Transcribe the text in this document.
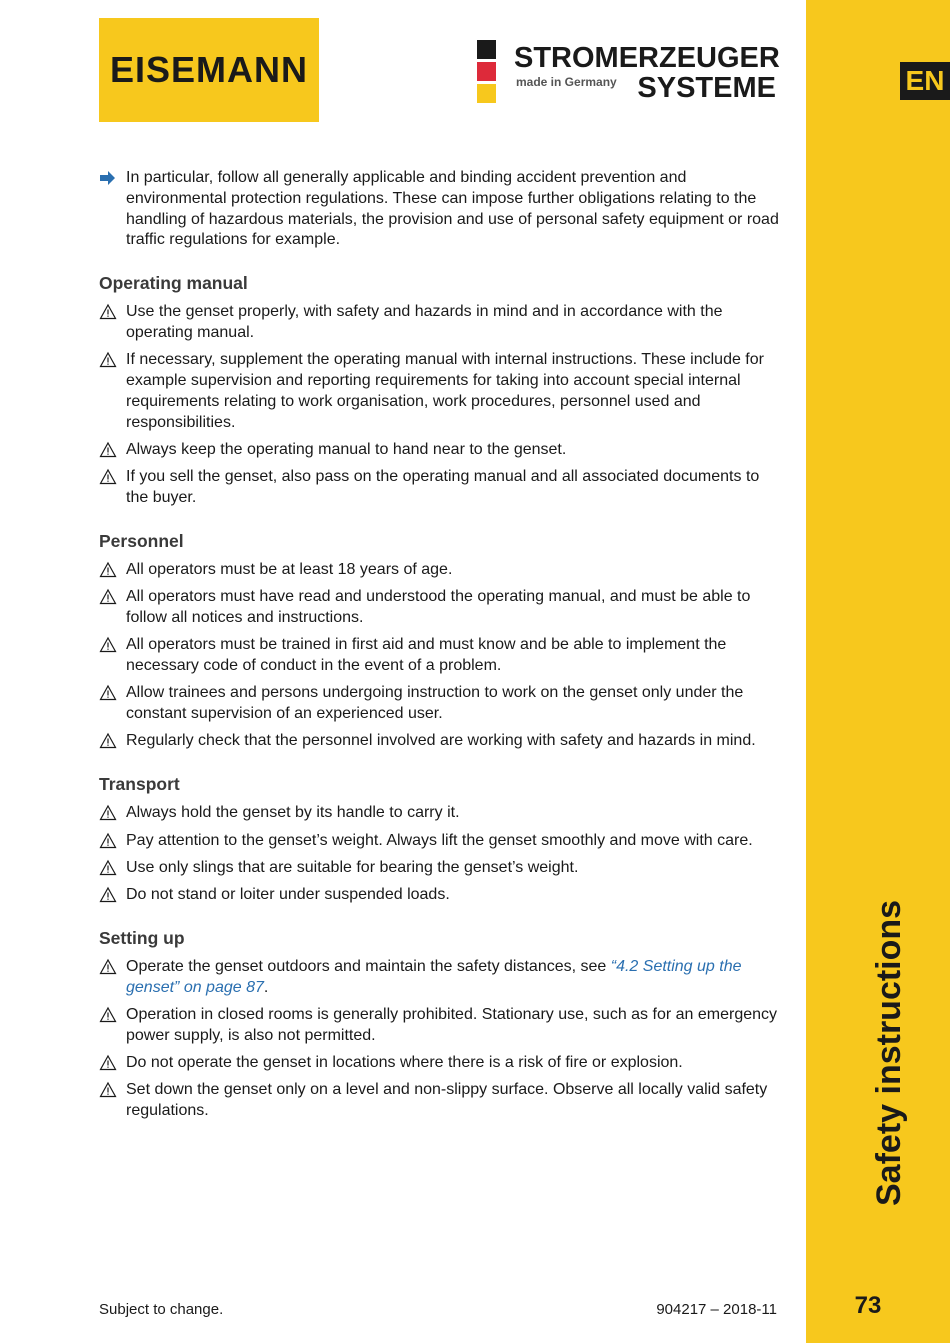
EISEMANN	STROMERZEUGER
made in Germany SYSTEME	EN
Safety instructions
73
In particular, follow all generally applicable and binding accident prevention and environmental protection regulations. These can impose further obligations relating to the handling of hazardous materials, the provision and use of personal safety equipment or road traffic regulations for example.
Operating manual
Use the genset properly, with safety and hazards in mind and in accordance with the operating manual.
If necessary, supplement the operating manual with internal instructions. These include for example supervision and reporting requirements for taking into account special internal requirements relating to work organisation, work procedures, personnel used and responsibilities.
Always keep the operating manual to hand near to the genset.
If you sell the genset, also pass on the operating manual and all associated documents to the buyer.
Personnel
All operators must be at least 18 years of age.
All operators must have read and understood the operating manual, and must be able to follow all notices and instructions.
All operators must be trained in first aid and must know and be able to implement the necessary code of conduct in the event of a problem.
Allow trainees and persons undergoing instruction to work on the genset only under the constant supervision of an experienced user.
Regularly check that the personnel involved are working with safety and hazards in mind.
Transport
Always hold the genset by its handle to carry it.
Pay attention to the genset’s weight. Always lift the genset smoothly and move with care.
Use only slings that are suitable for bearing the genset’s weight.
Do not stand or loiter under suspended loads.
Setting up
Operate the genset outdoors and maintain the safety distances, see “4.2 Setting up the genset” on page 87.
Operation in closed rooms is generally prohibited. Stationary use, such as for an emergency power supply, is also not permitted.
Do not operate the genset in locations where there is a risk of fire or explosion.
Set down the genset only on a level and non-slippy surface. Observe all locally valid safety regulations.
Subject to change.	904217 – 2018-11
